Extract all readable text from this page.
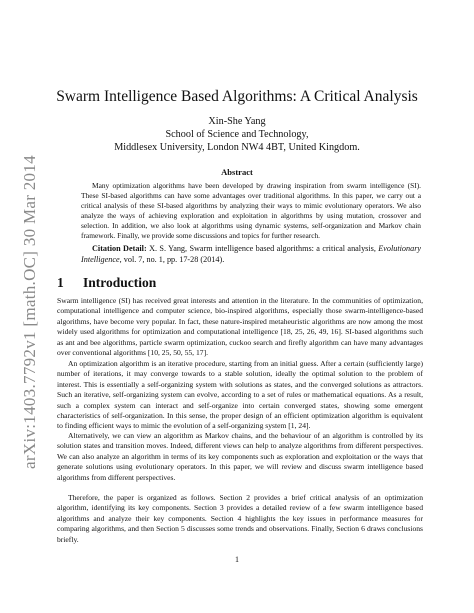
arXiv:1403.7792v1 [math.OC] 30 Mar 2014
Swarm Intelligence Based Algorithms: A Critical Analysis
Xin-She Yang
School of Science and Technology,
Middlesex University, London NW4 4BT, United Kingdom.
Abstract

Many optimization algorithms have been developed by drawing inspiration from swarm intelligence (SI). These SI-based algorithms can have some advantages over traditional algorithms. In this paper, we carry out a critical analysis of these SI-based algorithms by analyzing their ways to mimic evolutionary operators. We also analyze the ways of achieving exploration and exploitation in algorithms by using mutation, crossover and selection. In addition, we also look at algorithms using dynamic systems, self-organization and Markov chain framework. Finally, we provide some discussions and topics for further research.

Citation Detail: X. S. Yang, Swarm intelligence based algorithms: a critical analysis, Evolutionary Intelligence, vol. 7, no. 1, pp. 17-28 (2014).

1 Introduction

Swarm intelligence (SI) has received great interests and attention in the literature. In the communities of optimization, computational intelligence and computer science, bio-inspired algorithms, especially those swarm-intelligence-based algorithms, have become very popular. In fact, these nature-inspired metaheuristic algorithms are now among the most widely used algorithms for optimization and computational intelligence [18, 25, 26, 49, 16]. SI-based algorithms such as ant and bee algorithms, particle swarm optimization, cuckoo search and firefly algorithm can have many advantages over conventional algorithms [10, 25, 50, 55, 17].

An optimization algorithm is an iterative procedure, starting from an initial guess. After a certain (sufficiently large) number of iterations, it may converge towards to a stable solution, ideally the optimal solution to the problem of interest. This is essentially a self-organizing system with solutions as states, and the converged solutions as attractors. Such an iterative, self-organizing system can evolve, according to a set of rules or mathematical equations. As a result, such a complex system can interact and self-organize into certain converged states, showing some emergent characteristics of self-organization. In this sense, the proper design of an efficient optimization algorithm is equivalent to finding efficient ways to mimic the evolution of a self-organizing system [1, 24].

Alternatively, we can view an algorithm as Markov chains, and the behaviour of an algorithm is controlled by its solution states and transition moves. Indeed, different views can help to analyze algorithms from different perspectives. We can also analyze an algorithm in terms of its key components such as exploration and exploitation or the ways that generate solutions using evolutionary operators. In this paper, we will review and discuss swarm intelligence based algorithms from different perspectives.

Therefore, the paper is organized as follows. Section 2 provides a brief critical analysis of an optimization algorithm, identifying its key components. Section 3 provides a detailed review of a few swarm intelligence based algorithms and analyze their key components. Section 4 highlights the key issues in performance measures for comparing algorithms, and then Section 5 discusses some trends and observations. Finally, Section 6 draws conclusions briefly.

1
